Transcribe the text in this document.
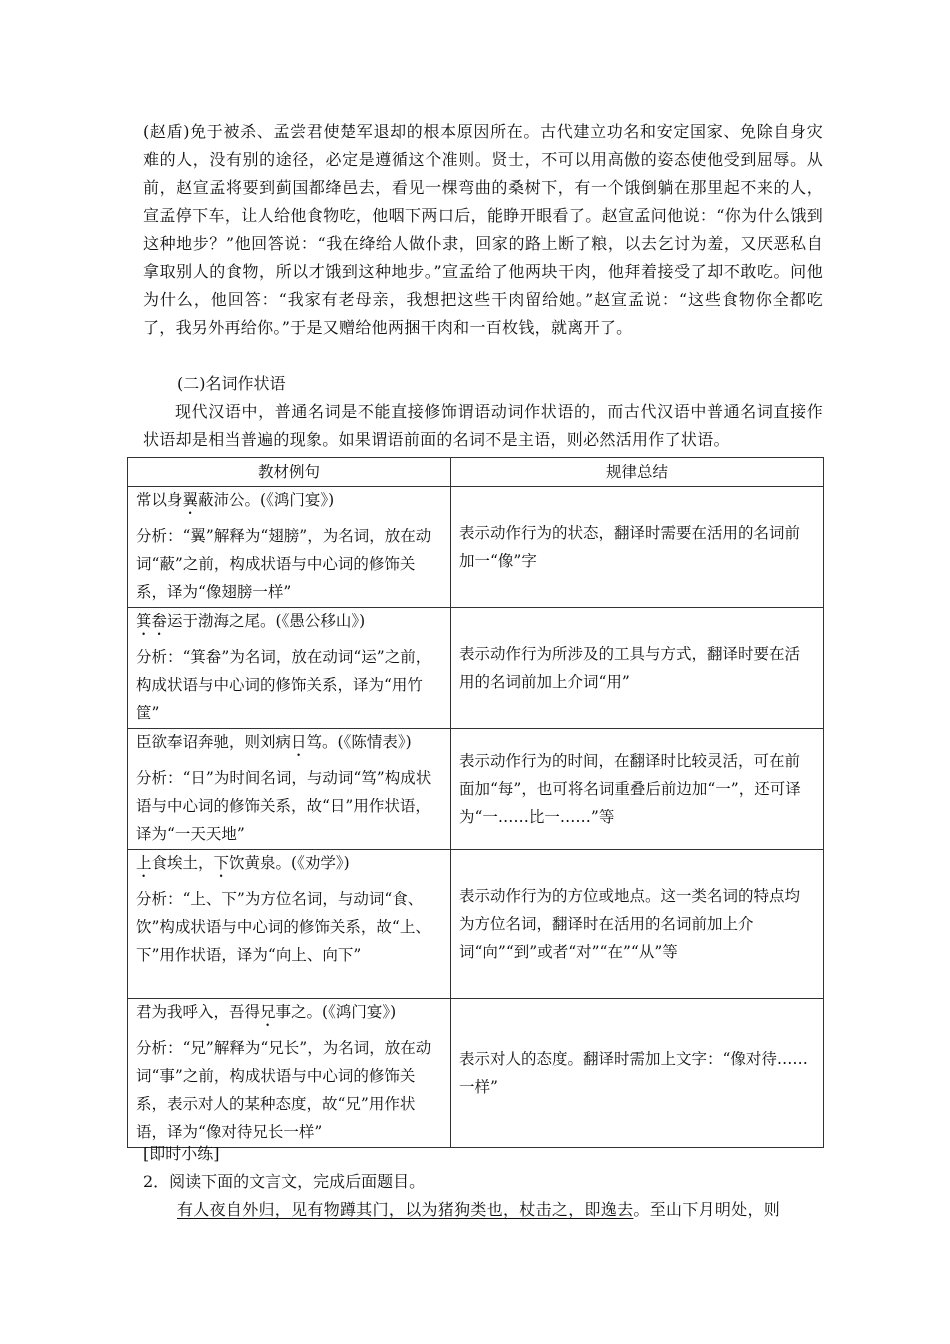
(赵盾)免于被杀、孟尝君使楚军退却的根本原因所在。古代建立功名和安定国家、免除自身灾难的人，没有别的途径，必定是遵循这个准则。贤士，不可以用高傲的姿态使他受到屈辱。从前，赵宣孟将要到蓟国都绛邑去，看见一棵弯曲的桑树下，有一个饿倒躺在那里起不来的人，宣孟停下车，让人给他食物吃，他咽下两口后，能睁开眼看了。赵宣孟问他说：“你为什么饿到这种地步？”他回答说：“我在绛给人做仆隶，回家的路上断了粮，以去乞讨为羞，又厌恶私自拿取别人的食物，所以才饿到这种地步。”宣孟给了他两块干肉，他拜着接受了却不敢吃。问他为什么，他回答：“我家有老母亲，我想把这些干肉留给她。”赵宣孟说：“这些食物你全都吃了，我另外再给你。”于是又赠给他两捆干肉和一百枚钱，就离开了。

(二)名词作状语

现代汉语中，普通名词是不能直接修饰谓语动词作状语的，而古代汉语中普通名词直接作状语却是相当普遍的现象。如果谓语前面的名词不是主语，则必然活用作了状语。

教材例句	规律总结

常以身翼蔽沛公。(《鸿门宴》)
分析：“翼”解释为“翅膀”，为名词，放在动词“蔽”之前，构成状语与中心词的修饰关系，译为“像翅膀一样”	表示动作行为的状态，翻译时需要在活用的名词前加一“像”字

箕畚运于渤海之尾。(《愚公移山》)
分析：“箕畚”为名词，放在动词“运”之前，构成状语与中心词的修饰关系，译为“用竹筐”	表示动作行为所涉及的工具与方式，翻译时要在活用的名词前加上介词“用”

臣欲奉诏奔驰，则刘病日笃。(《陈情表》)
分析：“日”为时间名词，与动词“笃”构成状语与中心词的修饰关系，故“日”用作状语，译为“一天天地”	表示动作行为的时间，在翻译时比较灵活，可在前面加“每”，也可将名词重叠后前边加“一”，还可译为“一……比一……”等

上食埃土，下饮黄泉。(《劝学》)
分析：“上、下”为方位名词，与动词“食、饮”构成状语与中心词的修饰关系，故“上、下”用作状语，译为“向上、向下”	表示动作行为的方位或地点。这一类名词的特点均为方位名词，翻译时在活用的名词前加上介词“向”“到”或者“对”“在”“从”等

君为我呼入，吾得兄事之。(《鸿门宴》)
分析：“兄”解释为“兄长”，为名词，放在动词“事”之前，构成状语与中心词的修饰关系，表示对人的某种态度，故“兄”用作状语，译为“像对待兄长一样”	表示对人的态度。翻译时需加上文字：“像对待……一样”
[即时小练]
2．阅读下面的文言文，完成后面题目。
有人夜自外归，见有物蹲其门，以为猪狗类也，杖击之，即逸去。至山下月明处，则
